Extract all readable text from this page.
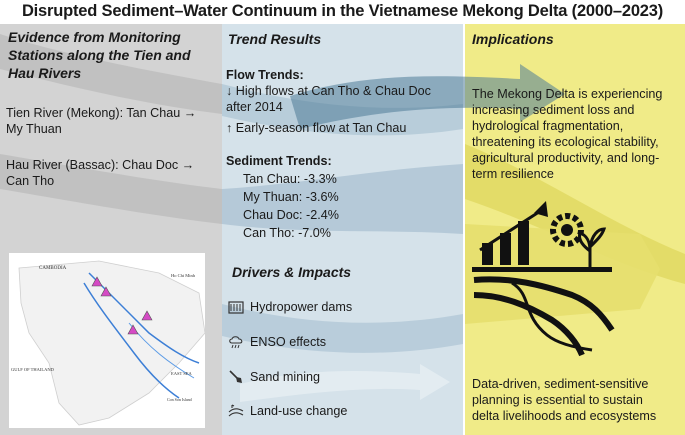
Disrupted Sediment–Water Continuum in the Vietnamese Mekong Delta (2000–2023)
Evidence from Monitoring
Stations along the Tien and
Hau Rivers
Tien River (Mekong): Tan Chau →
My Thuan
Hau River (Bassac): Chau Doc →
Can Tho
CAMBODIA
Ho Chi Minh
GULF OF THAILAND
EAST SEA
Con Son Island
Trend Results
Flow Trends:
↓ High flows at Can Tho & Chau Doc
after 2014
↑ Early-season flow at Tan Chau
Sediment Trends:
Tan Chau: -3.3%
My Thuan: -3.6%
Chau Doc: -2.4%
Can Tho: -7.0%
Drivers & Impacts
Hydropower dams
ENSO effects
Sand mining
Land-use change
Implications
The Mekong Delta is experiencing
increasing sediment loss and
hydrological fragmentation,
threatening its ecological stability,
agricultural productivity, and long-
term resilience
Data-driven, sediment-sensitive
planning is essential to sustain
delta livelihoods and ecosystems
